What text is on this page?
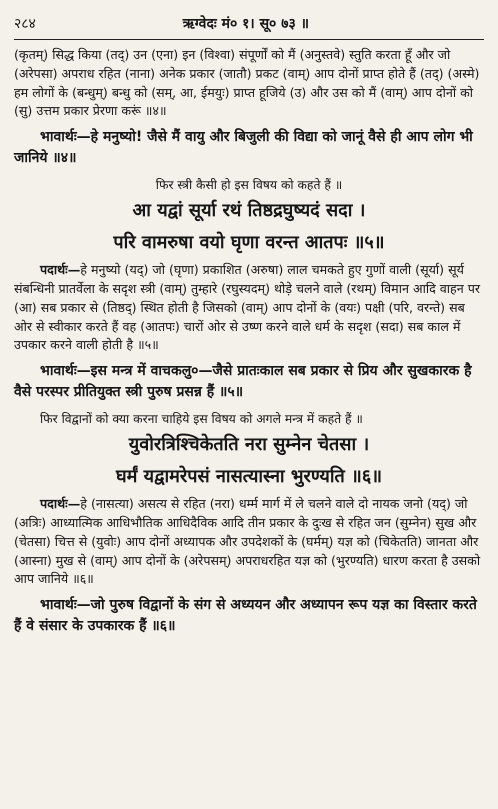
२८४	ऋग्वेदः मं० १। सू० ७३ ॥

(कृतम्) सिद्ध किया (तद्) उन (एना) इन (विश्वा) संपूर्णों को मैं (अनुस्तवे) स्तुति करता हूँ और जो (अरेपसा) अपराध रहित (नाना) अनेक प्रकार (जातौ) प्रकट (वाम्) आप दोनों प्राप्त होते हैं (तद्) (अस्मे) हम लोगों के (बन्धुम्) बन्धु को (सम्, आ, ईमयुः) प्राप्त हूजिये (उ) और उस को मैं (वाम्) आप दोनों को (सु) उत्तम प्रकार प्रेरणा करूं ॥४॥

भावार्थः—हे मनुष्यो! जैसे मैं वायु और बिजुली की विद्या को जानूं वैसे ही आप लोग भी जानिये ॥४॥

फिर स्त्री कैसी हो इस विषय को कहते हैं ॥

आ यद्वां सूर्या रथं तिष्ठद्रघुष्यदं सदा ।

परि वामरुषा वयो घृणा वरन्त आतपः ॥५॥

पदार्थः—हे मनुष्यो (यद्) जो (घृणा) प्रकाशित (अरुषा) लाल चमकते हुए गुणों वाली (सूर्या) सूर्य संबन्धिनी प्रातर्वेला के सदृश स्त्री (वाम्) तुम्हारे (रघुस्यदम्) थोड़े चलने वाले (रथम्) विमान आदि वाहन पर (आ) सब प्रकार से (तिष्ठद्) स्थित होती है जिसको (वाम्) आप दोनों के (वयः) पक्षी (परि, वरन्ते) सब ओर से स्वीकार करते हैं वह (आतपः) चारों ओर से उष्ण करने वाले धर्म के सदृश (सदा) सब काल में उपकार करने वाली होती है ॥५॥

भावार्थः—इस मन्त्र में वाचकलु०—जैसे प्रातःकाल सब प्रकार से प्रिय और सुखकारक है वैसे परस्पर प्रीतियुक्त स्त्री पुरुष प्रसन्न हैं ॥५॥

फिर विद्वानों को क्या करना चाहिये इस विषय को अगले मन्त्र में कहते हैं ॥

युवोरत्रिश्चिकेतति नरा सुम्नेन चेतसा ।

घर्मं यद्वामरेपसं नासत्यास्ना भुरण्यति ॥६॥

पदार्थः—हे (नासत्या) असत्य से रहित (नरा) धर्म्म मार्ग में ले चलने वाले दो नायक जनो (यद्) जो (अत्रिः) आध्यात्मिक आधिभौतिक आधिदैविक आदि तीन प्रकार के दुःख से रहित जन (सुम्नेन) सुख और (चेतसा) चित्त से (युवोः) आप दोनों अध्यापक और उपदेशकों के (घर्मम्) यज्ञ को (चिकेतति) जानता और (आस्ना) मुख से (वाम्) आप दोनों के (अरेपसम्) अपराधरहित यज्ञ को (भुरण्यति) धारण करता है उसको आप जानिये ॥६॥

भावार्थः—जो पुरुष विद्वानों के संग से अध्ययन और अध्यापन रूप यज्ञ का विस्तार करते हैं वे संसार के उपकारक हैं ॥६॥
